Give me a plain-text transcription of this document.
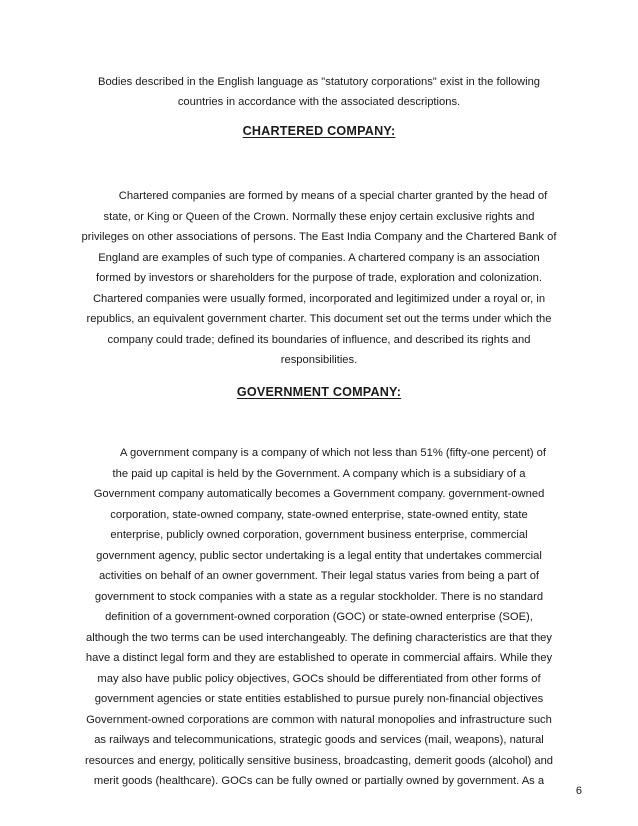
Bodies described in the English language as "statutory corporations" exist in the following
countries in accordance with the associated descriptions.
CHARTERED COMPANY:
Chartered companies are formed by means of a special charter granted by the head of
state, or King or Queen of the Crown. Normally these enjoy certain exclusive rights and
privileges on other associations of persons. The East India Company and the Chartered Bank of
England are examples of such type of companies. A chartered company is an association
formed by investors or shareholders for the purpose of trade, exploration and colonization.
Chartered companies were usually formed, incorporated and legitimized under a royal or, in
republics, an equivalent government charter. This document set out the terms under which the
company could trade; defined its boundaries of influence, and described its rights and
responsibilities.
GOVERNMENT COMPANY:
A government company is a company of which not less than 51% (fifty-one percent) of
the paid up capital is held by the Government. A company which is a subsidiary of a
Government company automatically becomes a Government company. government-owned
corporation, state-owned company, state-owned enterprise, state-owned entity, state
enterprise, publicly owned corporation, government business enterprise, commercial
government agency, public sector undertaking is a legal entity that undertakes commercial
activities on behalf of an owner government. Their legal status varies from being a part of
government to stock companies with a state as a regular stockholder. There is no standard
definition of a government-owned corporation (GOC) or state-owned enterprise (SOE),
although the two terms can be used interchangeably. The defining characteristics are that they
have a distinct legal form and they are established to operate in commercial affairs. While they
may also have public policy objectives, GOCs should be differentiated from other forms of
government agencies or state entities established to pursue purely non-financial objectives
Government-owned corporations are common with natural monopolies and infrastructure such
as railways and telecommunications, strategic goods and services (mail, weapons), natural
resources and energy, politically sensitive business, broadcasting, demerit goods (alcohol) and
merit goods (healthcare). GOCs can be fully owned or partially owned by government. As a
6
